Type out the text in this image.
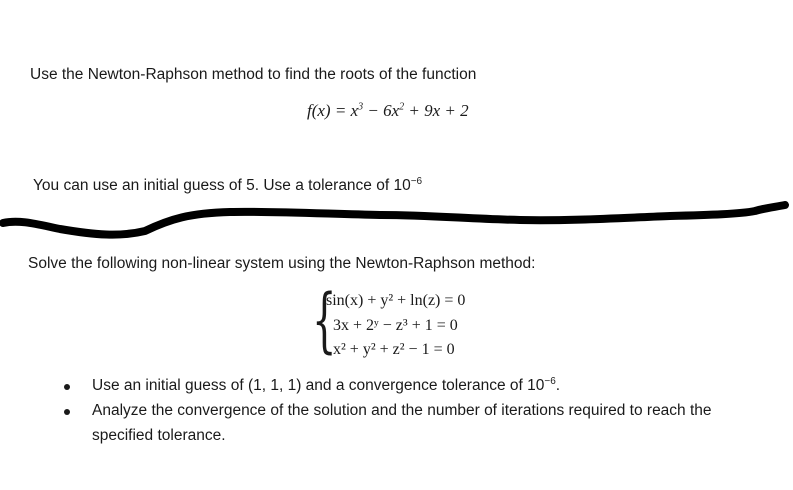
Use the Newton-Raphson method to find the roots of the function
$f(x) = x^3 - 6x^2 + 9x + 2$
You can use an initial guess of 5. Use a tolerance of $10^{-6}$
Solve the following non-linear system using the Newton-Raphson method:
{
sin(x) + y² + ln(z) = 0
3x + 2ʸ − z³ + 1 = 0
x² + y² + z² − 1 = 0
Use an initial guess of (1, 1, 1) and a convergence tolerance of $10^{-6}$.
Analyze the convergence of the solution and the number of iterations required to reach the
specified tolerance.
